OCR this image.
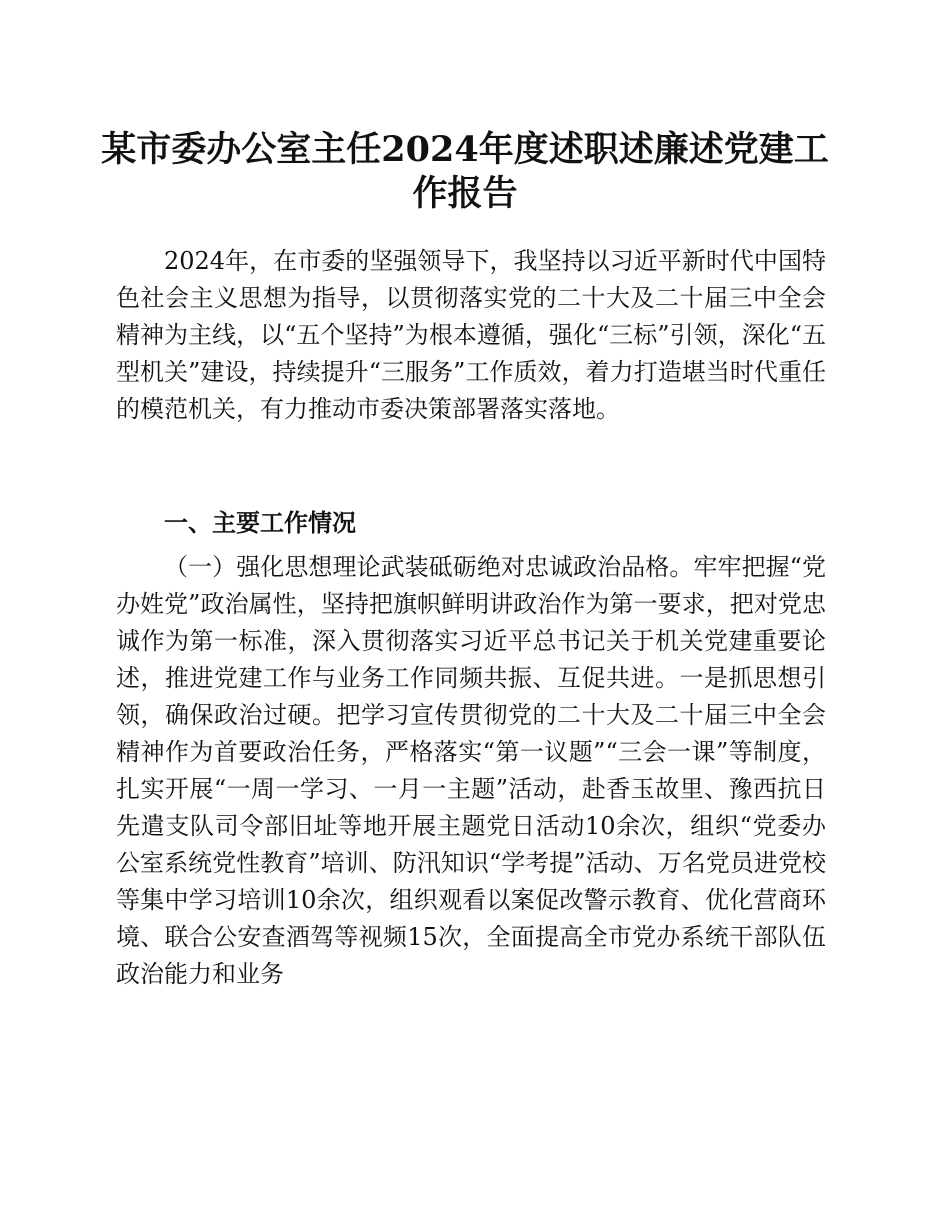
某市委办公室主任2024年度述职述廉述党建工作报告

2024年，在市委的坚强领导下，我坚持以习近平新时代中国特色社会主义思想为指导，以贯彻落实党的二十大及二十届三中全会精神为主线，以“五个坚持”为根本遵循，强化“三标”引领，深化“五型机关”建设，持续提升“三服务”工作质效，着力打造堪当时代重任的模范机关，有力推动市委决策部署落实落地。

一、主要工作情况

（一）强化思想理论武装砥砺绝对忠诚政治品格。牢牢把握“党办姓党”政治属性，坚持把旗帜鲜明讲政治作为第一要求，把对党忠诚作为第一标准，深入贯彻落实习近平总书记关于机关党建重要论述，推进党建工作与业务工作同频共振、互促共进。一是抓思想引领，确保政治过硬。把学习宣传贯彻党的二十大及二十届三中全会精神作为首要政治任务，严格落实“第一议题”“三会一课”等制度，扎实开展“一周一学习、一月一主题”活动，赴香玉故里、豫西抗日先遣支队司令部旧址等地开展主题党日活动10余次，组织“党委办公室系统党性教育”培训、防汛知识“学考提”活动、万名党员进党校等集中学习培训10余次，组织观看以案促改警示教育、优化营商环境、联合公安查酒驾等视频15次，全面提高全市党办系统干部队伍政治能力和业务
